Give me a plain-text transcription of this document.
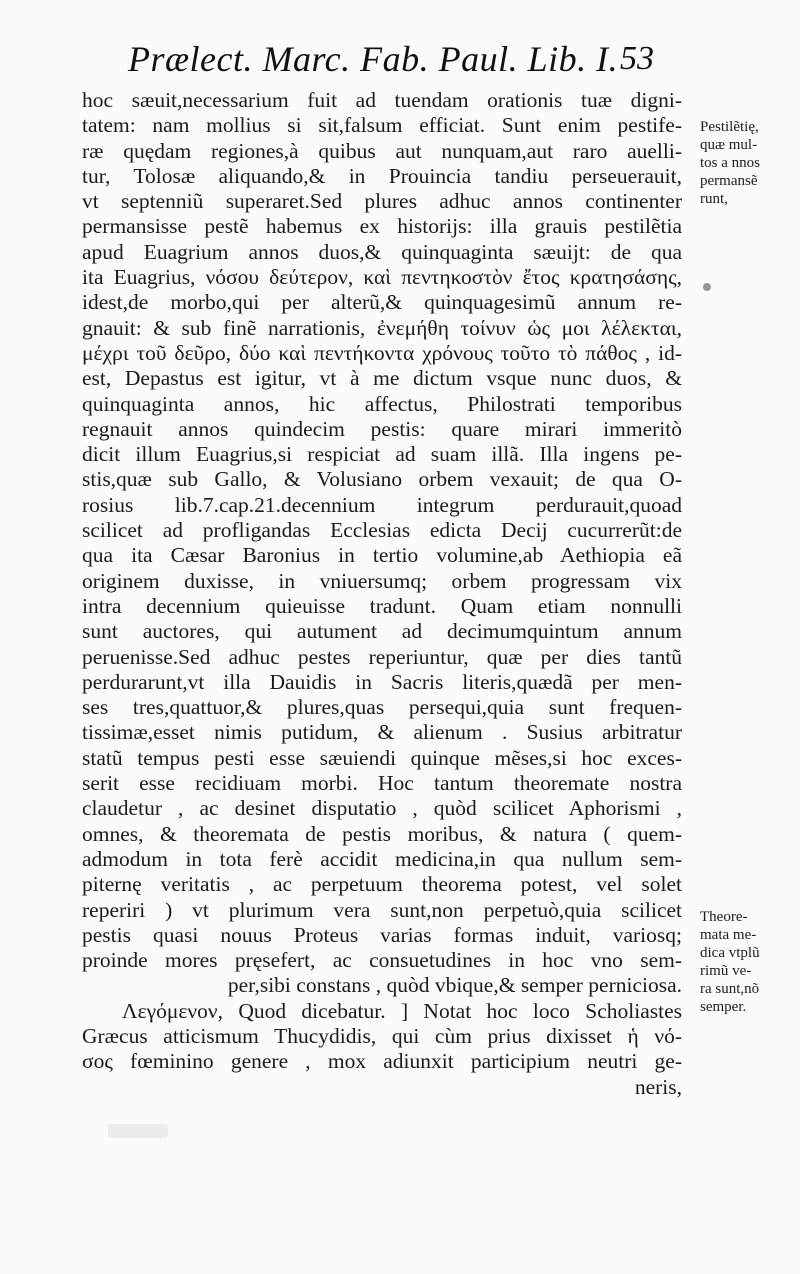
Prælect. Marc. Fab. Paul. Lib. I. 53
hoc sæuit,necessarium fuit ad tuendam orationis tuæ digni-
tatem: nam mollius si sit,falsum efficiat. Sunt enim pestife-
ræ quędam regiones,à quibus aut nunquam,aut raro auelli-
tur, Tolosæ aliquando,& in Prouincia tandiu perseuerauit,
vt septenniũ superaret.Sed plures adhuc annos continenter
permansisse pestẽ habemus ex historijs: illa grauis pestilẽtia
apud Euagrium annos duos,& quinquaginta sæuijt: de qua
ita Euagrius, νόσου δεύτερον, καὶ πεντηκοστὸν ἔτος κρατησάσης,
idest,de morbo,qui per alterũ,& quinquagesimũ annum re-
gnauit: & sub finẽ narrationis, ἐνεμήθη τοίνυν ὡς μοι λέλεκται,
μέχρι τοῦ δεῦρο, δύο καὶ πεντήκοντα χρόνους τοῦτο τὸ πάθος , id-
est, Depastus est igitur, vt à me dictum vsque nunc duos, &
quinquaginta annos, hic affectus, Philostrati temporibus
regnauit annos quindecim pestis: quare mirari immeritò
dicit illum Euagrius,si respiciat ad suam illã. Illa ingens pe-
stis,quæ sub Gallo, & Volusiano orbem vexauit; de qua O-
rosius lib.7.cap.21.decennium integrum perdurauit,quoad
scilicet ad profligandas Ecclesias edicta Decij cucurrerũt:de
qua ita Cæsar Baronius in tertio volumine,ab Aethiopia eã
originem duxisse, in vniuersumq; orbem progressam vix
intra decennium quieuisse tradunt. Quam etiam nonnulli
sunt auctores, qui autument ad decimumquintum annum
peruenisse.Sed adhuc pestes reperiuntur, quæ per dies tantũ
perdurarunt,vt illa Dauidis in Sacris literis,quædã per men-
ses tres,quattuor,& plures,quas persequi,quia sunt frequen-
tissimæ,esset nimis putidum, & alienum . Susius arbitratur
statũ tempus pesti esse sæuiendi quinque mẽses,si hoc exces-
serit esse recidiuam morbi. Hoc tantum theoremate nostra
claudetur , ac desinet disputatio , quòd scilicet Aphorismi ,
omnes, & theoremata de pestis moribus, & natura ( quem-
admodum in tota ferè accidit medicina,in qua nullum sem-
piternę veritatis , ac perpetuum theorema potest, vel solet
reperiri ) vt plurimum vera sunt,non perpetuò,quia scilicet
pestis quasi nouus Proteus varias formas induit, variosq;
proinde mores pręsefert, ac consuetudines in hoc vno sem-
per,sibi constans , quòd vbique,& semper perniciosa.
Λεγόμενον, Quod dicebatur. ] Notat hoc loco Scholiastes
Græcus atticismum Thucydidis, qui cùm prius dixisset ἡ νό-
σος fœminino genere , mox adiunxit participium neutri ge-
neris,
Pestilẽtię,
quæ mul-
tos a nnos
permansẽ
runt,
Theore-
mata me-
dica vtplũ
rimũ ve-
ra sunt,nõ
semper.
